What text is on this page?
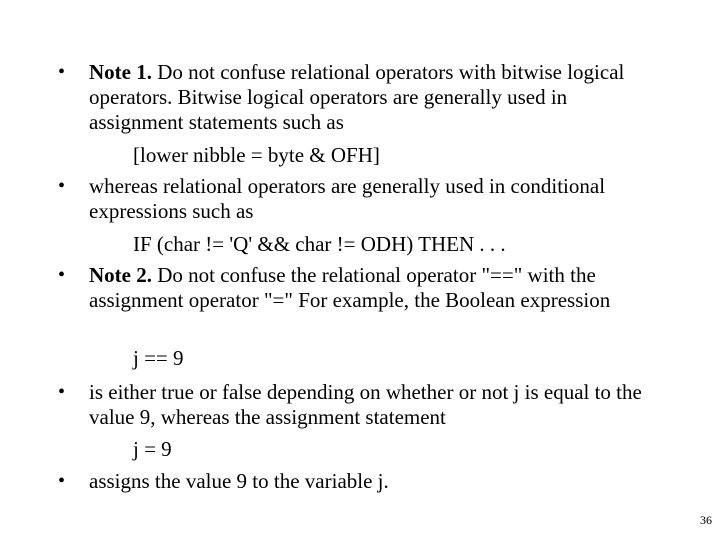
• Note 1. Do not confuse relational operators with bitwise logical operators. Bitwise logical operators are generally used in assignment statements such as
[lower nibble = byte & OFH]
• whereas relational operators are generally used in conditional expressions such as
IF (char != 'Q' && char != ODH) THEN . . .
• Note 2. Do not confuse the relational operator "==" with the assignment operator "=" For example, the Boolean expression
j == 9
• is either true or false depending on whether or not j is equal to the value 9, whereas the assignment statement
j = 9
• assigns the value 9 to the variable j.
36
